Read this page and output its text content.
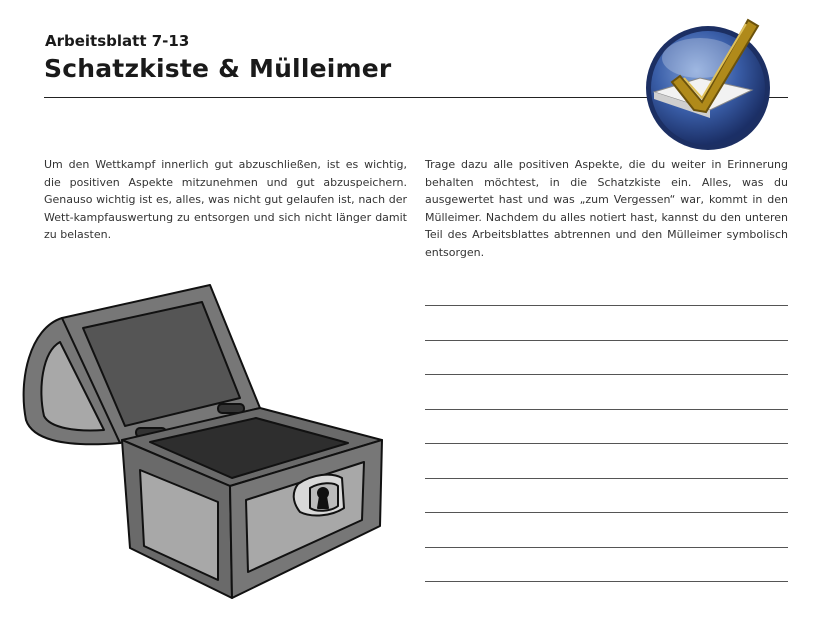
Arbeitsblatt 7-13
Schatzkiste & Mülleimer

Um den Wettkampf innerlich gut abzuschließen, ist es wichtig, die positiven Aspekte mitzunehmen und gut abzuspeichern. Genauso wichtig ist es, alles, was nicht gut gelaufen ist, nach der Wett-kampfauswertung zu entsorgen und sich nicht länger damit zu belasten.

Trage dazu alle positiven Aspekte, die du weiter in Erinnerung behalten möchtest, in die Schatzkiste ein. Alles, was du ausgewertet hast und was „zum Vergessen“ war, kommt in den Mülleimer. Nachdem du alles notiert hast, kannst du den unteren Teil des Arbeitsblattes abtrennen und den Mülleimer symbolisch entsorgen.
